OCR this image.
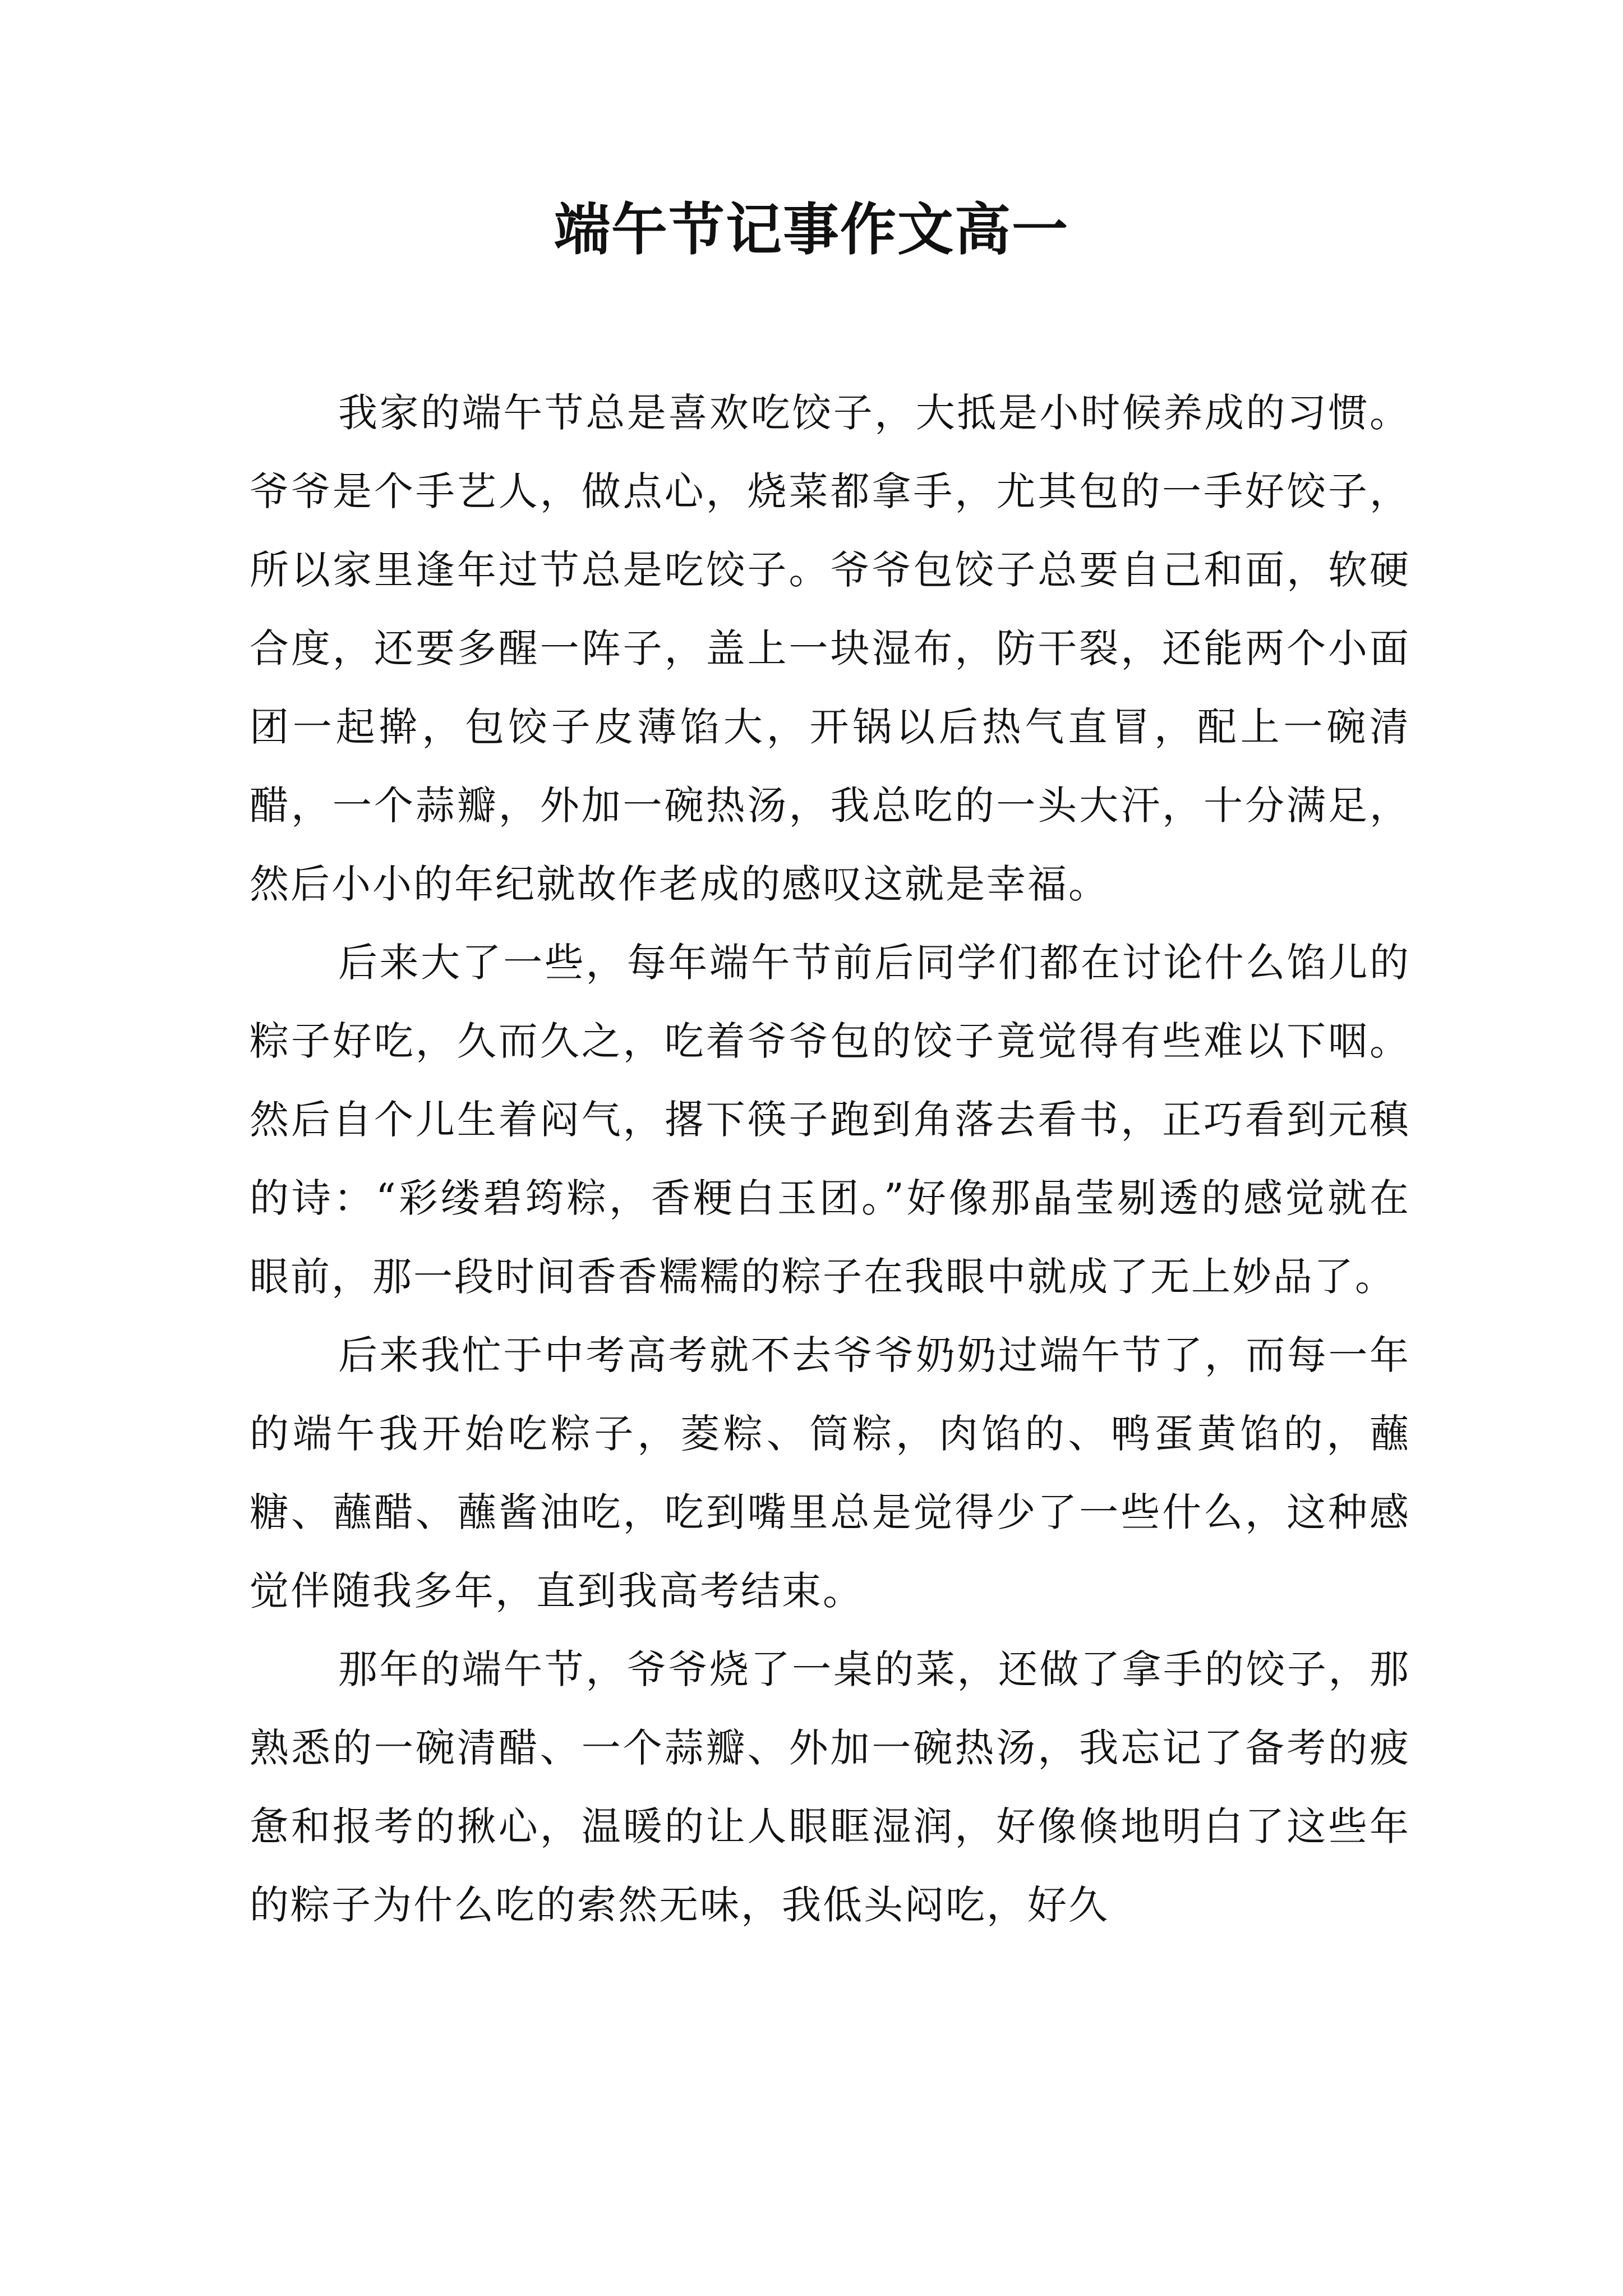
端午节记事作文高一

我家的端午节总是喜欢吃饺子，大抵是小时候养成的习惯。爷爷是个手艺人，做点心，烧菜都拿手，尤其包的一手好饺子，所以家里逢年过节总是吃饺子。爷爷包饺子总要自己和面，软硬合度，还要多醒一阵子，盖上一块湿布，防干裂，还能两个小面团一起擀，包饺子皮薄馅大，开锅以后热气直冒，配上一碗清醋，一个蒜瓣，外加一碗热汤，我总吃的一头大汗，十分满足，然后小小的年纪就故作老成的感叹这就是幸福。

后来大了一些，每年端午节前后同学们都在讨论什么馅儿的粽子好吃，久而久之，吃着爷爷包的饺子竟觉得有些难以下咽。然后自个儿生着闷气，撂下筷子跑到角落去看书，正巧看到元稹的诗：“彩缕碧筠粽，香粳白玉团。”好像那晶莹剔透的感觉就在眼前，那一段时间香香糯糯的粽子在我眼中就成了无上妙品了。

后来我忙于中考高考就不去爷爷奶奶过端午节了，而每一年的端午我开始吃粽子，菱粽、筒粽，肉馅的、鸭蛋黄馅的，蘸糖、蘸醋、蘸酱油吃，吃到嘴里总是觉得少了一些什么，这种感觉伴随我多年，直到我高考结束。

那年的端午节，爷爷烧了一桌的菜，还做了拿手的饺子，那熟悉的一碗清醋、一个蒜瓣、外加一碗热汤，我忘记了备考的疲惫和报考的揪心，温暖的让人眼眶湿润，好像倏地明白了这些年的粽子为什么吃的索然无味，我低头闷吃，好久
